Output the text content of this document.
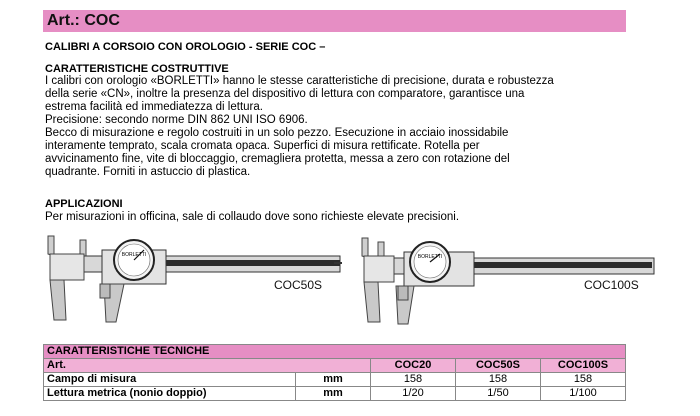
Art.: COC
CALIBRI A CORSOIO CON OROLOGIO - SERIE COC –
CARATTERISTICHE COSTRUTTIVE
I calibri con orologio «BORLETTI» hanno le stesse caratteristiche di precisione, durata e robustezza
della serie «CN», inoltre la presenza del dispositivo di lettura con comparatore, garantisce una
estrema facilità ed immediatezza di lettura.
Precisione: secondo norme DIN 862 UNI ISO 6906.
Becco di misurazione e regolo costruiti in un solo pezzo. Esecuzione in acciaio inossidabile
interamente temprato, scala cromata opaca. Superfici di misura rettificate. Rotella per
avvicinamento fine, vite di bloccaggio, cremagliera protetta, messa a zero con rotazione del
quadrante. Forniti in astuccio di plastica.
APPLICAZIONI
Per misurazioni in officina, sale di collaudo dove sono richieste elevate precisioni.
BORLETTI
COC50S
BORLETTI
COC100S
CARATTERISTICHE TECNICHE				
Art.		COC20	COC50S	COC100S
Campo di misura	mm	158	158	158
Lettura metrica (nonio doppio)	mm	1/20	1/50	1/100
